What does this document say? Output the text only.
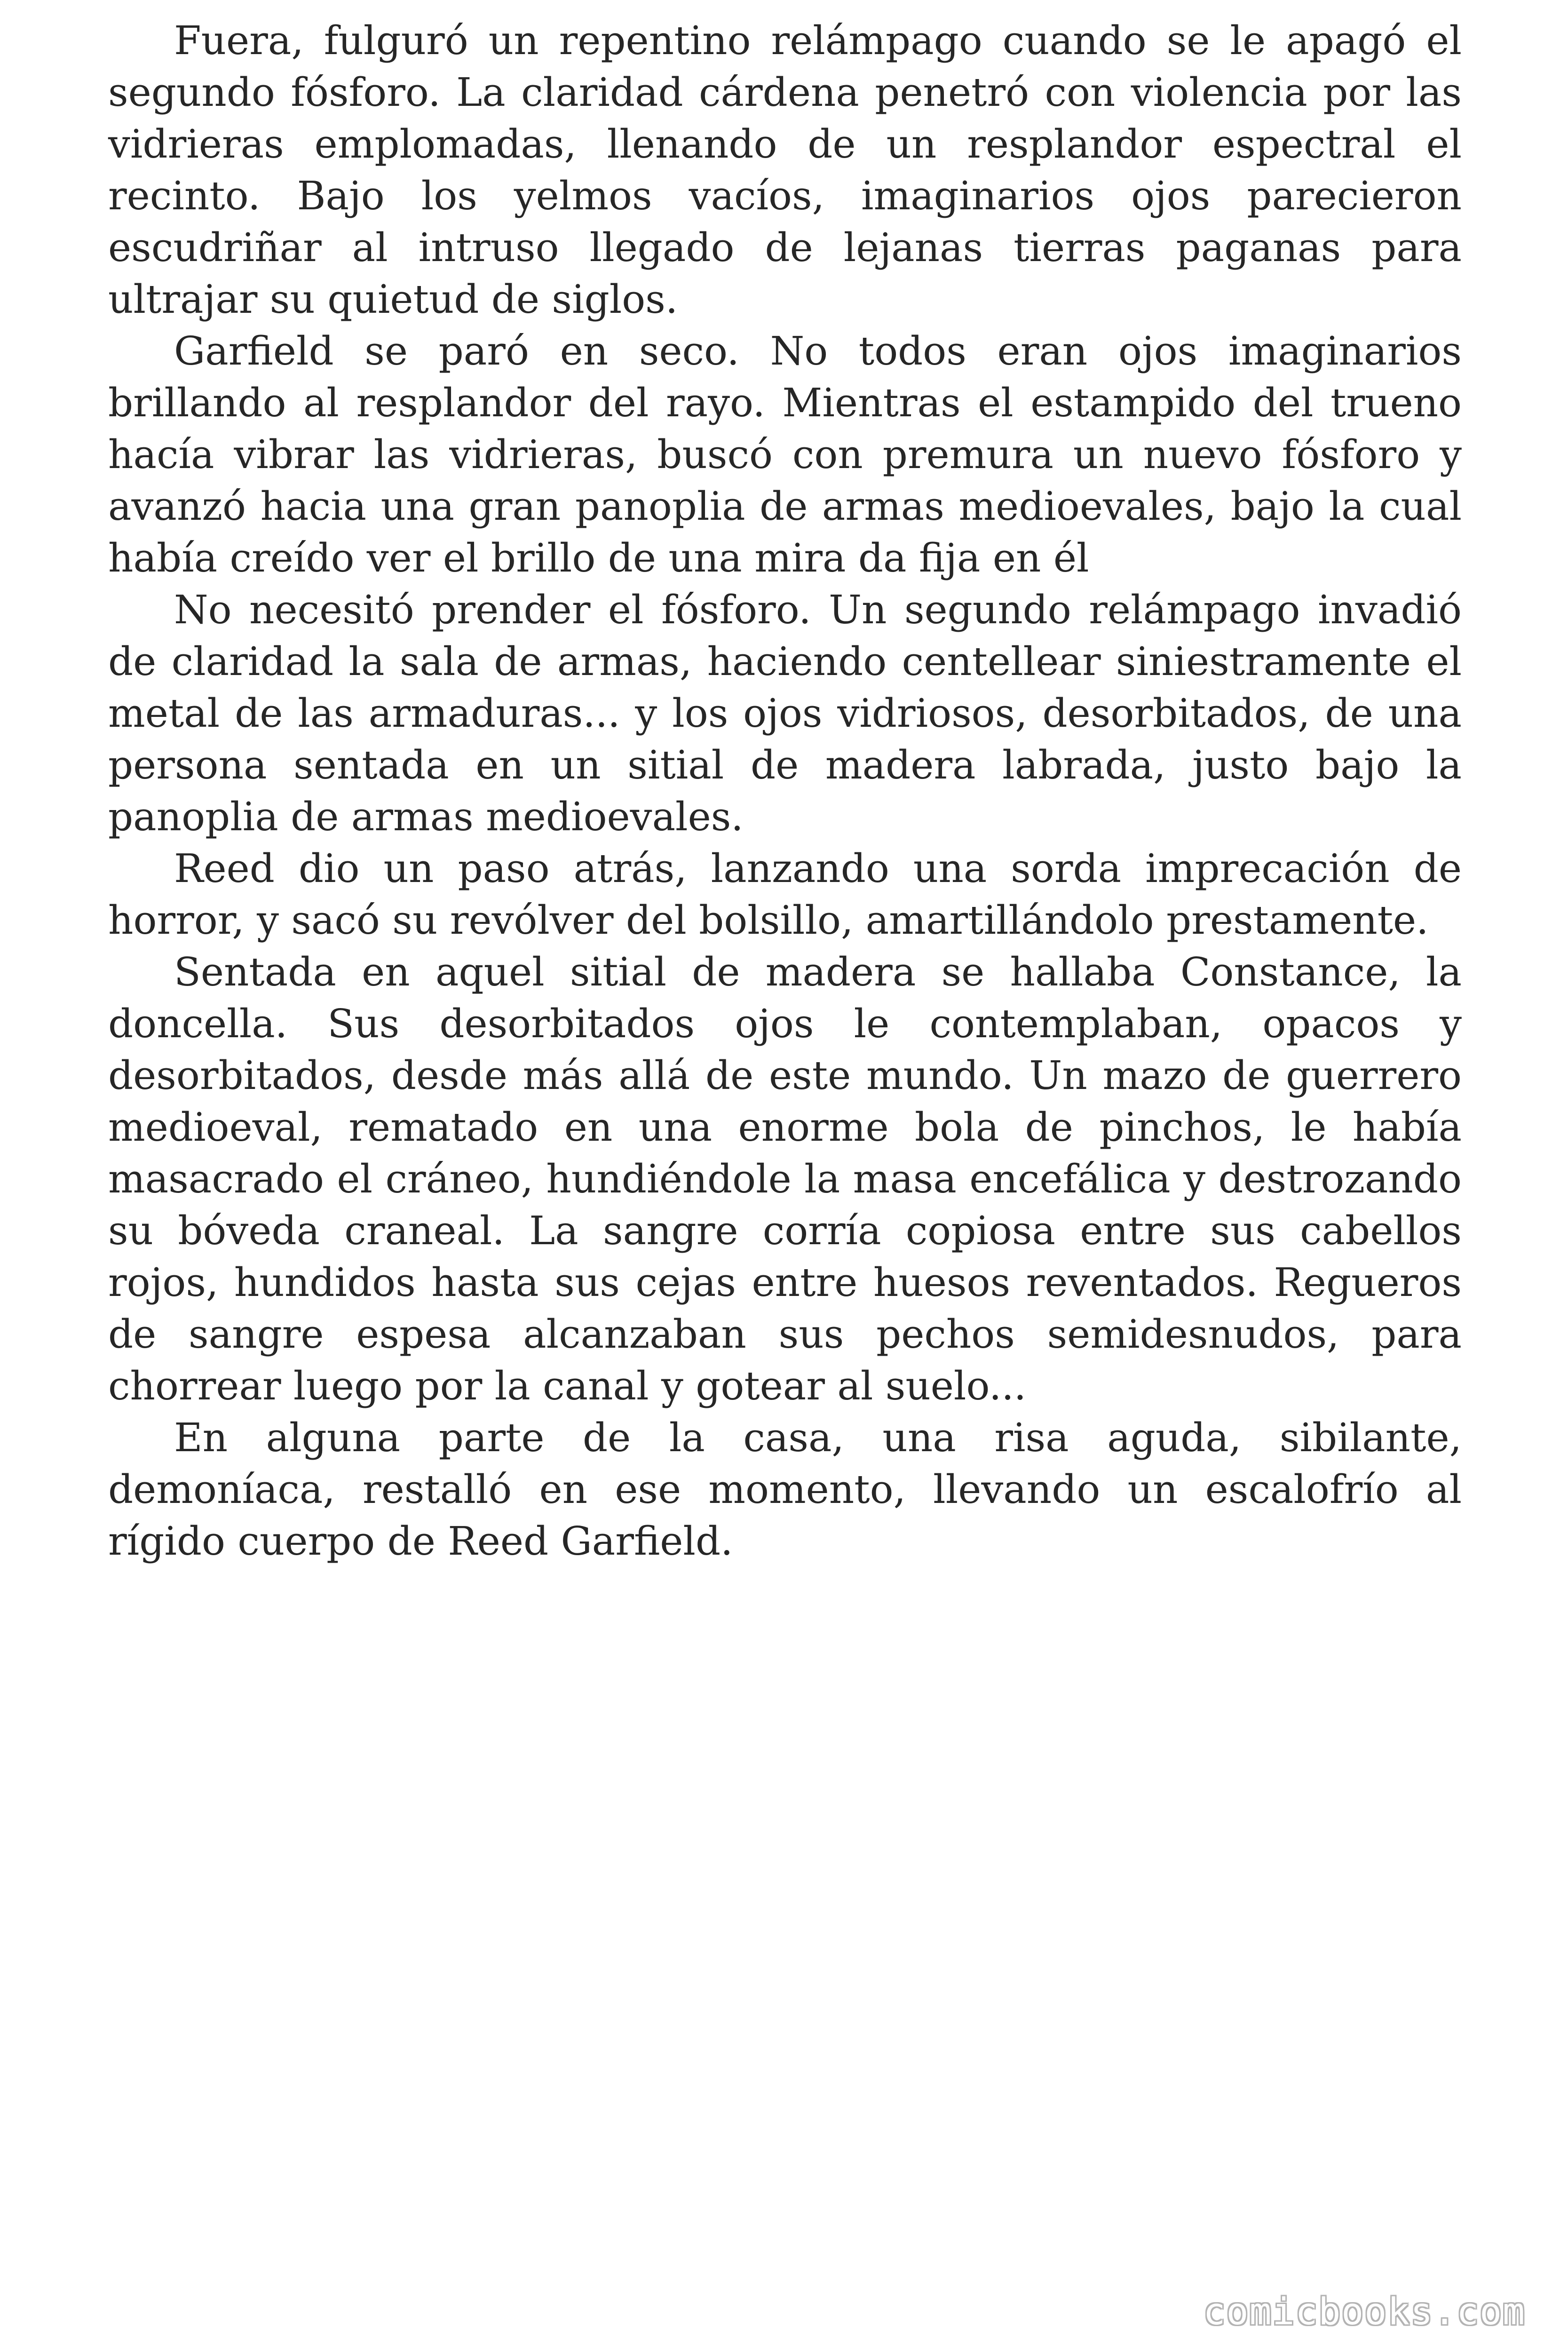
Fuera, fulguró un repentino relámpago cuando se le apagó el segundo fósforo. La claridad cárdena penetró con violencia por las vidrieras emplomadas, llenando de un resplandor espectral el recinto. Bajo los yelmos vacíos, imaginarios ojos parecieron escudriñar al intruso llegado de lejanas tierras paganas para ultrajar su quietud de siglos.

Garfield se paró en seco. No todos eran ojos imaginarios brillando al resplandor del rayo. Mientras el estampido del trueno hacía vibrar las vidrieras, buscó con premura un nuevo fósforo y avanzó hacia una gran panoplia de armas medioevales, bajo la cual había creído ver el brillo de una mira da fija en él

No necesitó prender el fósforo. Un segundo relámpago invadió de claridad la sala de armas, haciendo centellear siniestramente el metal de las armaduras... y los ojos vidriosos, desorbitados, de una persona sentada en un sitial de madera labrada, justo bajo la panoplia de armas medioevales.

Reed dio un paso atrás, lanzando una sorda imprecación de horror, y sacó su revólver del bolsillo, amartillándolo prestamente.

Sentada en aquel sitial de madera se hallaba Constance, la doncella. Sus desorbitados ojos le contemplaban, opacos y desorbitados, desde más allá de este mundo. Un mazo de guerrero medioeval, rematado en una enorme bola de pinchos, le había masacrado el cráneo, hundiéndole la masa encefálica y destrozando su bóveda craneal. La sangre corría copiosa entre sus cabellos rojos, hundidos hasta sus cejas entre huesos reventados. Regueros de sangre espesa alcanzaban sus pechos semidesnudos, para chorrear luego por la canal y gotear al suelo...

En alguna parte de la casa, una risa aguda, sibilante, demoníaca, restalló en ese momento, llevando un escalofrío al rígido cuerpo de Reed Garfield.

comicbooks.com
